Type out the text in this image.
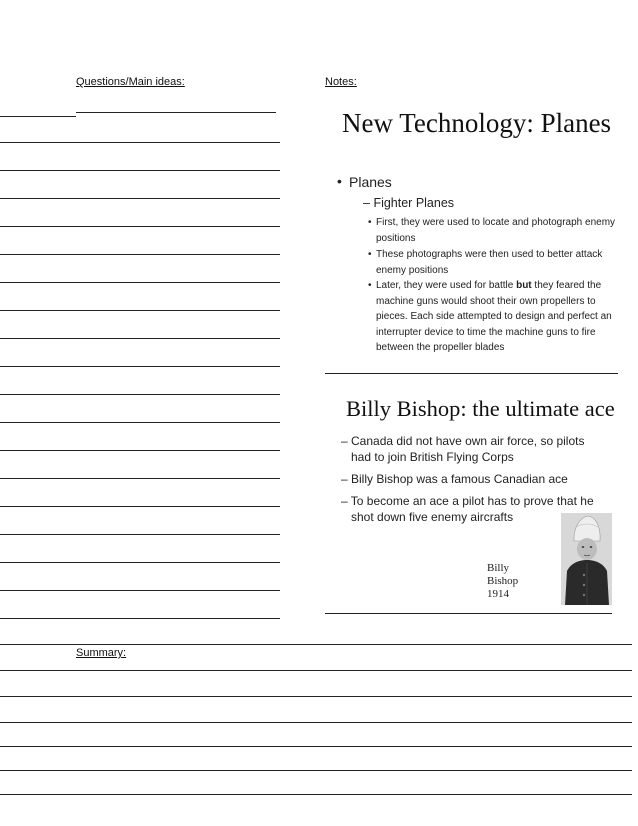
Questions/Main ideas:	Notes:
New Technology: Planes
• Planes
– Fighter Planes
• First, they were used to locate and photograph enemy
positions
• These photographs were then used to better attack
enemy positions
• Later, they were used for battle but they feared the
machine guns would shoot their own propellers to
pieces. Each side attempted to design and perfect an
interrupter device to time the machine guns to fire
between the propeller blades
Billy Bishop: the ultimate ace
– Canada did not have own air force, so pilots
had to join British Flying Corps
– Billy Bishop was a famous Canadian ace
– To become an ace a pilot has to prove that he
shot down five enemy aircrafts
Billy
Bishop
1914
Summary:
